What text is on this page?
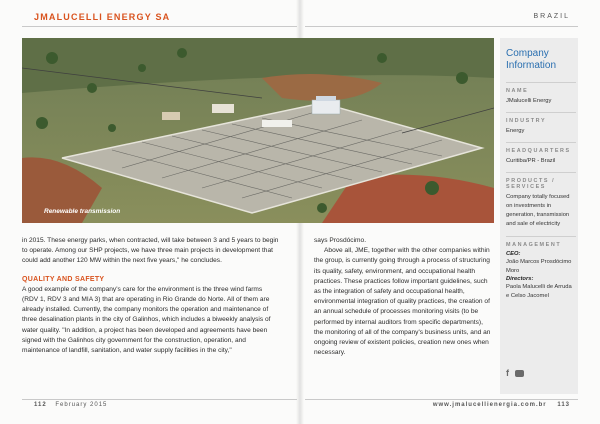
JMALUCELLI ENERGY SA	BRAZIL
Renewable transmission

in 2015. These energy parks, when contracted, will take between 3 and 5 years to begin to operate. Among our SHP projects, we have three main projects in development that could add another 120 MW within the next five years," he concludes.

QUALITY AND SAFETY

A good example of the company's care for the environment is the three wind farms (RDV 1, RDV 3 and MIA 3) that are operating in Rio Grande do Norte. All of them are already installed. Currently, the company monitors the operation and maintenance of three desalination plants in the city of Galinhos, which includes a biweekly analysis of water quality. "In addition, a project has been developed and agreements have been signed with the Galinhos city government for the construction, operation, and maintenance of landfill, sanitation, and water supply facilities in the city,"

says Prosdócimo.

Above all, JME, together with the other companies within the group, is currently going through a process of structuring its quality, safety, environment, and occupational health practices. These practices follow important guidelines, such as the integration of safety and occupational health, environmental integration of quality practices, the creation of an annual schedule of processes monitoring visits (to be performed by internal auditors from specific departments), the monitoring of all of the company's business units, and an ongoing review of existent policies, creation new ones when necessary.

Company
Information
NAME
JMalucelli Energy
INDUSTRY
Energy
HEADQUARTERS
Curitiba/PR - Brazil
PRODUCTS /
SERVICES
Company totally focused on investments in generation, transmission and sale of electricity
MANAGEMENT
CEO:
João Marcos Prosdócimo Moro
Directors:
Paola Malucelli de Arruda e Celso Jacomel
f
112 February 2015	www.jmalucellienergia.com.br 113
